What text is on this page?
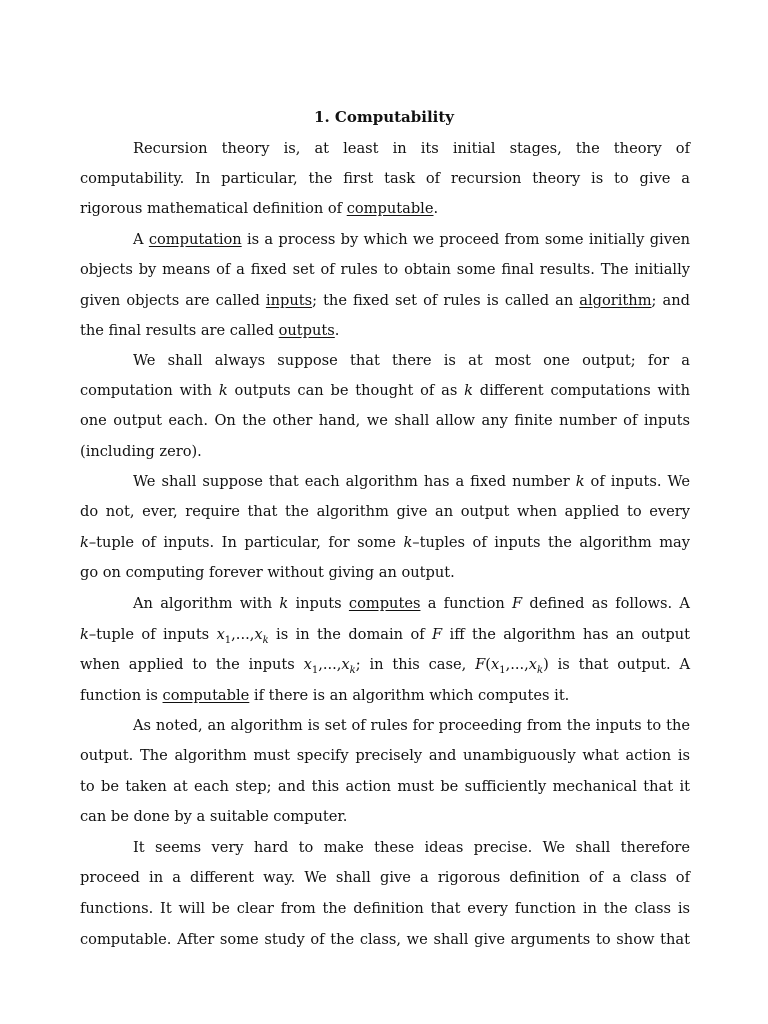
1. Computability
Recursion theory is, at least in its initial stages, the theory of
computability. In particular, the first task of recursion theory is to give a
rigorous mathematical definition of computable.
A computation is a process by which we proceed from some initially given
objects by means of a fixed set of rules to obtain some final results. The initially
given objects are called inputs; the fixed set of rules is called an algorithm; and
the final results are called outputs.
We shall always suppose that there is at most one output; for a
computation with k outputs can be thought of as k different computations with
one output each. On the other hand, we shall allow any finite number of inputs
(including zero).
We shall suppose that each algorithm has a fixed number k of inputs. We
do not, ever, require that the algorithm give an output when applied to every
k–tuple of inputs. In particular, for some k–tuples of inputs the algorithm may
go on computing forever without giving an output.
An algorithm with k inputs computes a function F defined as follows. A
k–tuple of inputs $x_1,...,x_k$ is in the domain of F iff the algorithm has an output
when applied to the inputs $x_1,...,x_k$; in this case, $F(x_1,...,x_k)$ is that output. A
function is computable if there is an algorithm which computes it.
As noted, an algorithm is set of rules for proceeding from the inputs to the
output. The algorithm must specify precisely and unambiguously what action is
to be taken at each step; and this action must be sufficiently mechanical that it
can be done by a suitable computer.
It seems very hard to make these ideas precise. We shall therefore
proceed in a different way. We shall give a rigorous definition of a class of
functions. It will be clear from the definition that every function in the class is
computable. After some study of the class, we shall give arguments to show that
